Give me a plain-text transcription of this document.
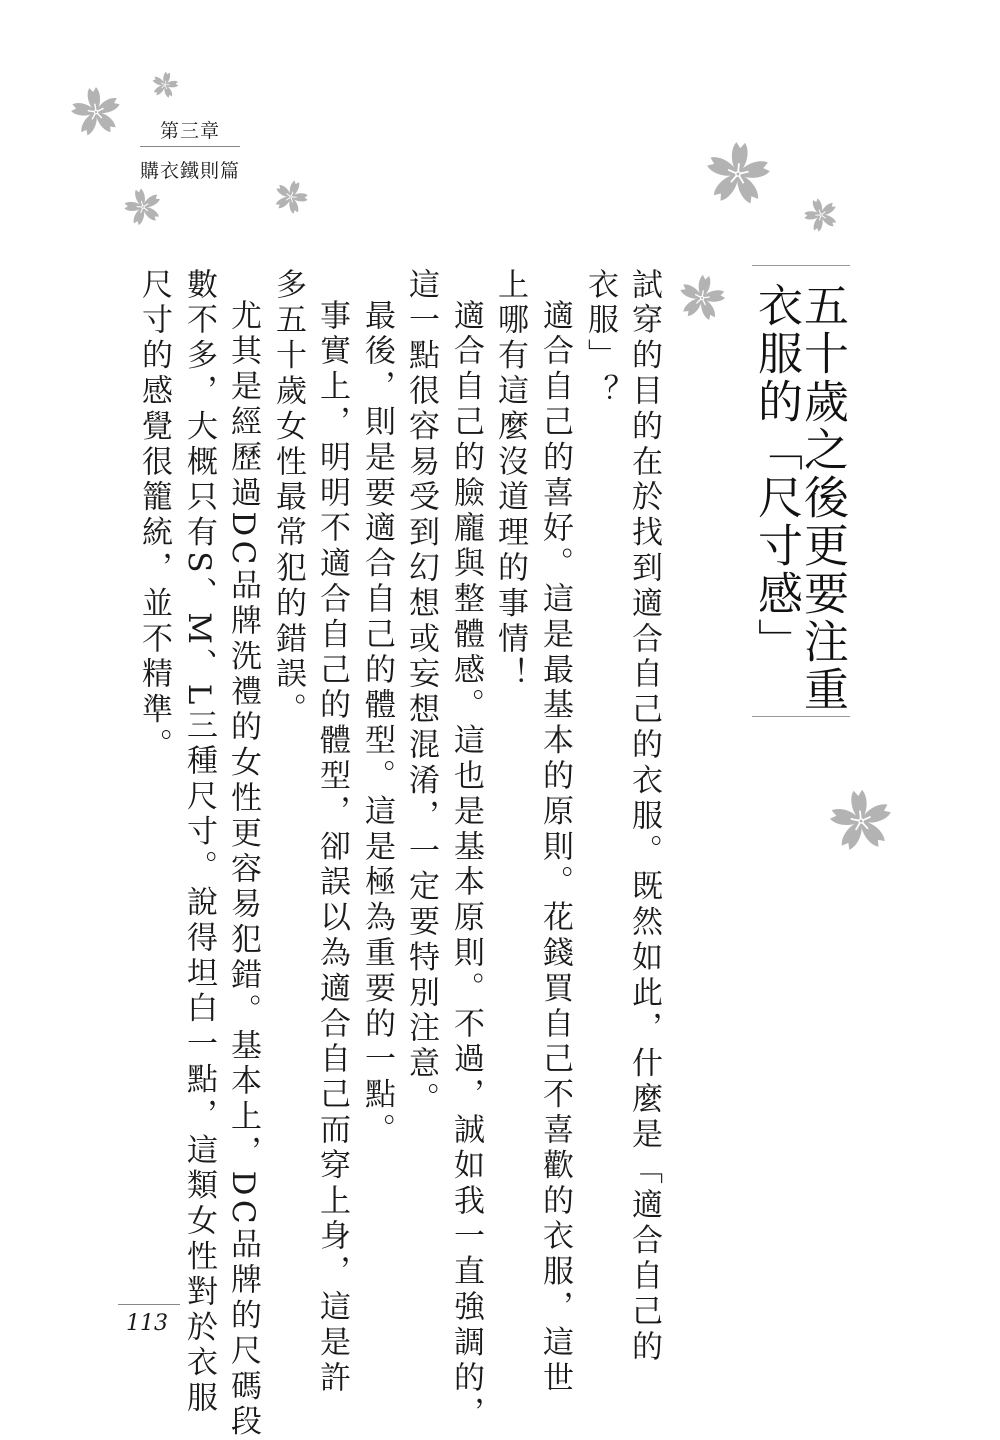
第三章
購衣鐵則篇
五十歲之後更要注重
衣服的「尺寸感」
試穿的目的在於找到適合自己的衣服。既然如此，什麼是「適合自己的
衣服」？
適合自己的喜好。這是最基本的原則。花錢買自己不喜歡的衣服，這世
上哪有這麼沒道理的事情！
適合自己的臉龐與整體感。這也是基本原則。不過，誠如我一直強調的，
這一點很容易受到幻想或妄想混淆，一定要特別注意。
最後，則是要適合自己的體型。這是極為重要的一點。
事實上，明明不適合自己的體型，卻誤以為適合自己而穿上身，這是許
多五十歲女性最常犯的錯誤。
尤其是經歷過DC品牌洗禮的女性更容易犯錯。基本上，DC品牌的尺碼段
數不多，大概只有S、M、L三種尺寸。說得坦白一點，這類女性對於衣服
尺寸的感覺很籠統，並不精準。
113
